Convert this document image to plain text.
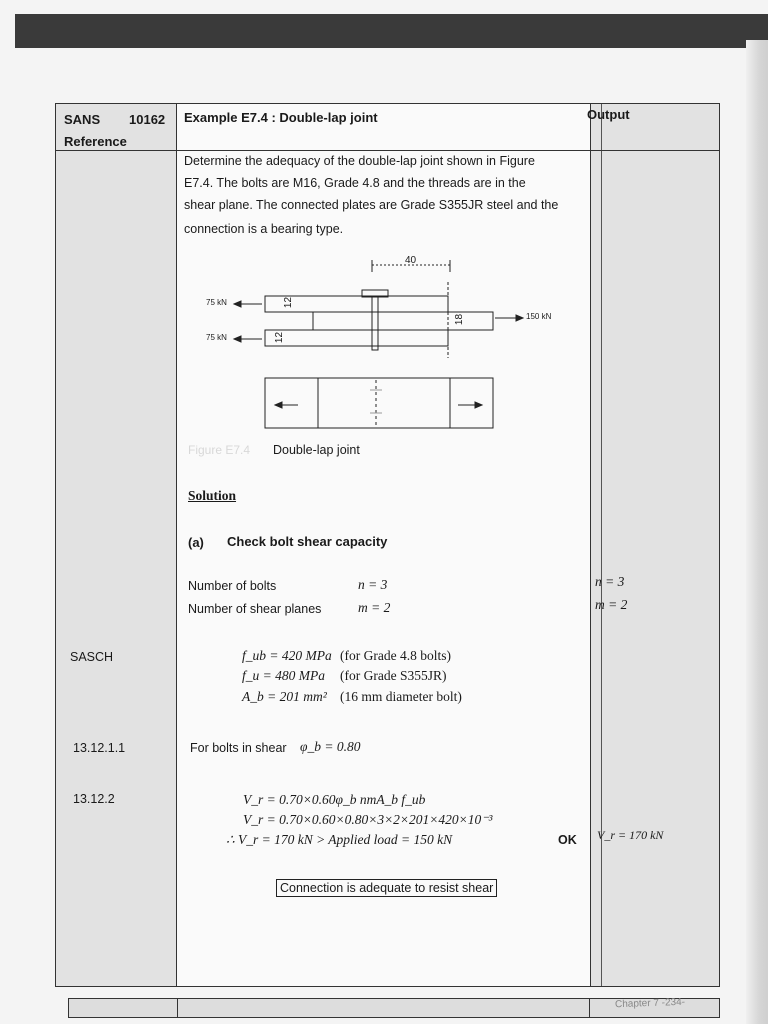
SANS 10162
Reference
Example E7.4 : Double-lap joint	Output
Determine the adequacy of the double-lap joint shown in Figure
E7.4. The bolts are M16, Grade 4.8 and the threads are in the
shear plane. The connected plates are Grade S355JR steel and the
connection is a bearing type.
40
12
12
18
75 kN
75 kN
150 kN
Figure E7.4 Double-lap joint
Solution
(a) Check bolt shear capacity
Number of bolts	n = 3
Number of shear planes	m = 2
n = 3
m = 2
SASCH	f_ub = 420 MPa (for Grade 4.8 bolts)
f_u = 480 MPa (for Grade S355JR)
A_b = 201 mm² (16 mm diameter bolt)
13.12.1.1	For bolts in shear φ_b = 0.80
13.12.2	V_r = 0.70×0.60φ_b nmA_b f_ub
V_r = 0.70×0.60×0.80×3×2×201×420×10⁻³
∴ V_r = 170 kN > Applied load = 150 kN	OK V_r = 170 kN
Connection is adequate to resist shear
Chapter 7 -234-
